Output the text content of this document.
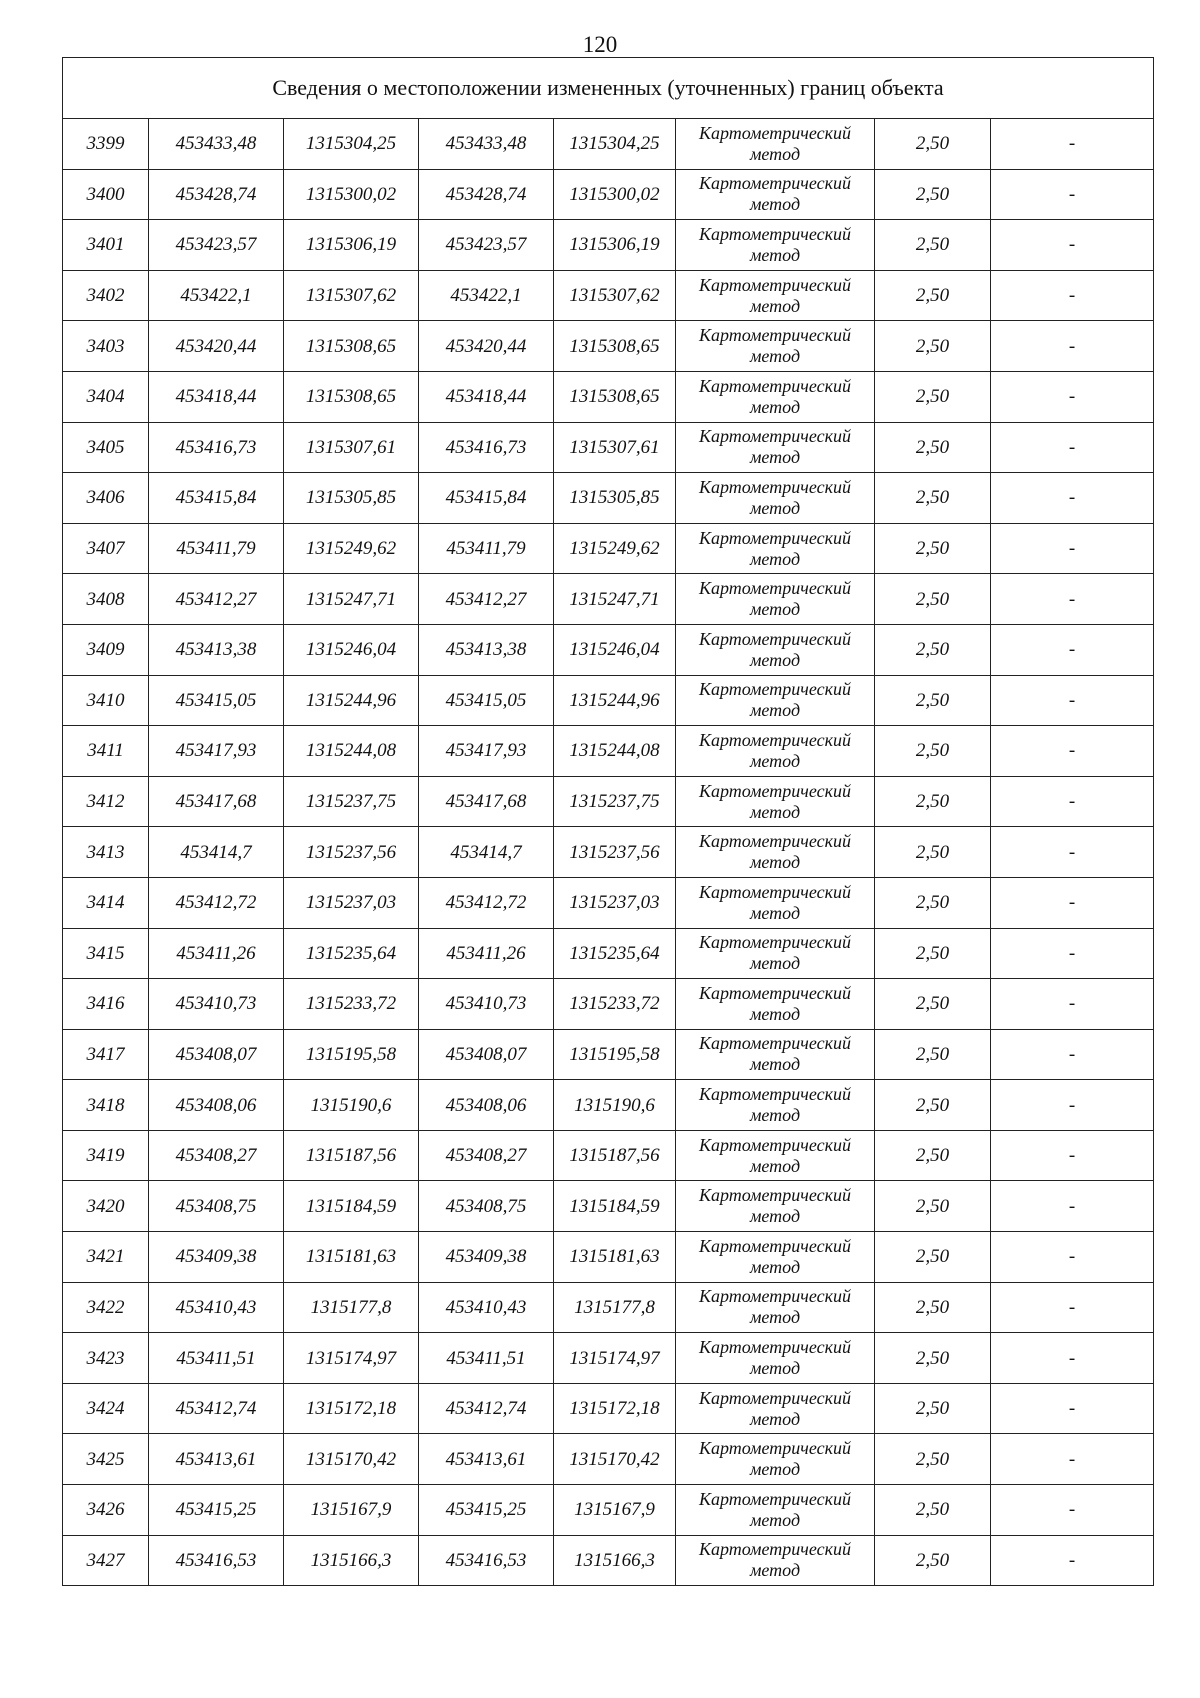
120
Сведения о местоположении измененных (уточненных) границ объекта							
3399	453433,48	1315304,25	453433,48	1315304,25	Картометрический метод	2,50	-
3400	453428,74	1315300,02	453428,74	1315300,02	Картометрический метод	2,50	-
3401	453423,57	1315306,19	453423,57	1315306,19	Картометрический метод	2,50	-
3402	453422,1	1315307,62	453422,1	1315307,62	Картометрический метод	2,50	-
3403	453420,44	1315308,65	453420,44	1315308,65	Картометрический метод	2,50	-
3404	453418,44	1315308,65	453418,44	1315308,65	Картометрический метод	2,50	-
3405	453416,73	1315307,61	453416,73	1315307,61	Картометрический метод	2,50	-
3406	453415,84	1315305,85	453415,84	1315305,85	Картометрический метод	2,50	-
3407	453411,79	1315249,62	453411,79	1315249,62	Картометрический метод	2,50	-
3408	453412,27	1315247,71	453412,27	1315247,71	Картометрический метод	2,50	-
3409	453413,38	1315246,04	453413,38	1315246,04	Картометрический метод	2,50	-
3410	453415,05	1315244,96	453415,05	1315244,96	Картометрический метод	2,50	-
3411	453417,93	1315244,08	453417,93	1315244,08	Картометрический метод	2,50	-
3412	453417,68	1315237,75	453417,68	1315237,75	Картометрический метод	2,50	-
3413	453414,7	1315237,56	453414,7	1315237,56	Картометрический метод	2,50	-
3414	453412,72	1315237,03	453412,72	1315237,03	Картометрический метод	2,50	-
3415	453411,26	1315235,64	453411,26	1315235,64	Картометрический метод	2,50	-
3416	453410,73	1315233,72	453410,73	1315233,72	Картометрический метод	2,50	-
3417	453408,07	1315195,58	453408,07	1315195,58	Картометрический метод	2,50	-
3418	453408,06	1315190,6	453408,06	1315190,6	Картометрический метод	2,50	-
3419	453408,27	1315187,56	453408,27	1315187,56	Картометрический метод	2,50	-
3420	453408,75	1315184,59	453408,75	1315184,59	Картометрический метод	2,50	-
3421	453409,38	1315181,63	453409,38	1315181,63	Картометрический метод	2,50	-
3422	453410,43	1315177,8	453410,43	1315177,8	Картометрический метод	2,50	-
3423	453411,51	1315174,97	453411,51	1315174,97	Картометрический метод	2,50	-
3424	453412,74	1315172,18	453412,74	1315172,18	Картометрический метод	2,50	-
3425	453413,61	1315170,42	453413,61	1315170,42	Картометрический метод	2,50	-
3426	453415,25	1315167,9	453415,25	1315167,9	Картометрический метод	2,50	-
3427	453416,53	1315166,3	453416,53	1315166,3	Картометрический метод	2,50	-
